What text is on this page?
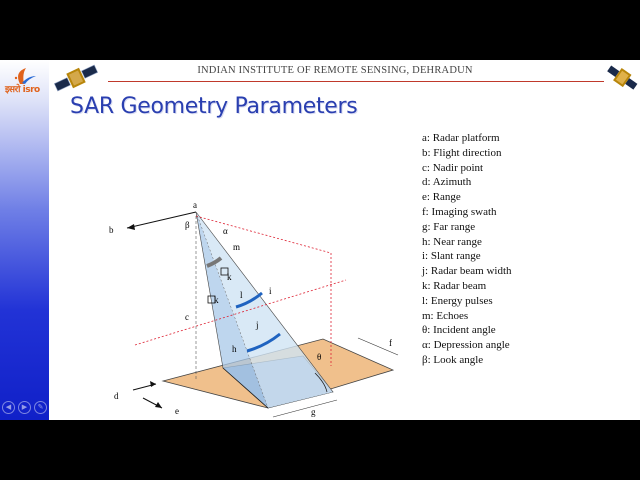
इसरो isro
INDIAN INSTITUTE OF REMOTE SENSING, DEHRADUN
SAR Geometry Parameters
a
b	β
α
m
k
k l	i
j
c
h
θ
f
d
e	g
a: Radar platform
b: Flight direction
c: Nadir point
d: Azimuth
e: Range
f: Imaging swath
g: Far range
h: Near range
i: Slant range
j: Radar beam width
k: Radar beam
l: Energy pulses
m: Echoes
θ: Incident angle
α: Depression angle
β: Look angle
◀	▶	✎	▭	⊕	⋯
